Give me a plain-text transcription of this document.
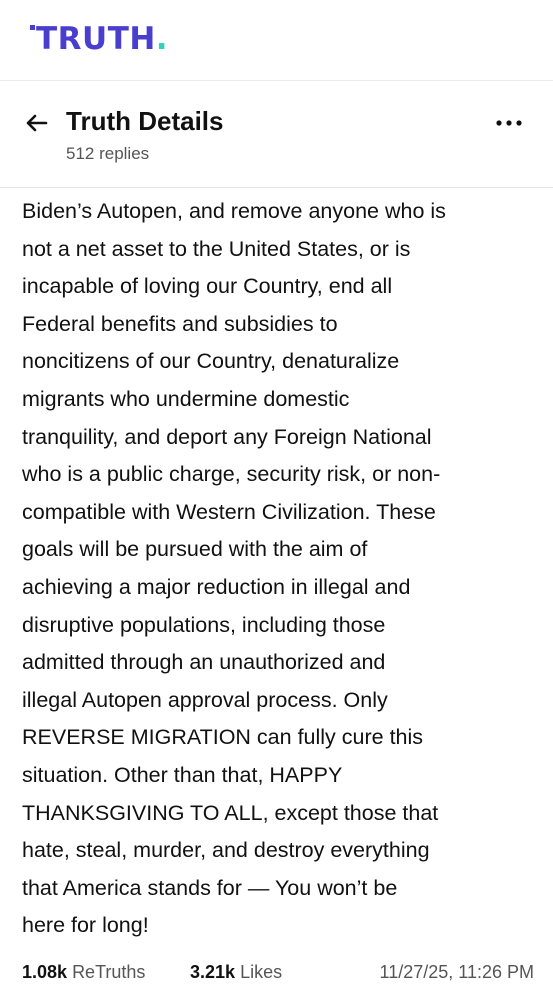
TRUTH.
Truth Details
512 replies
Biden’s Autopen, and remove anyone who is
not a net asset to the United States, or is
incapable of loving our Country, end all
Federal benefits and subsidies to
noncitizens of our Country, denaturalize
migrants who undermine domestic
tranquility, and deport any Foreign National
who is a public charge, security risk, or non-
compatible with Western Civilization. These
goals will be pursued with the aim of
achieving a major reduction in illegal and
disruptive populations, including those
admitted through an unauthorized and
illegal Autopen approval process. Only
REVERSE MIGRATION can fully cure this
situation. Other than that, HAPPY
THANKSGIVING TO ALL, except those that
hate, steal, murder, and destroy everything
that America stands for — You won’t be
here for long!
1.08k ReTruths 3.21k Likes	11/27/25, 11:26 PM
